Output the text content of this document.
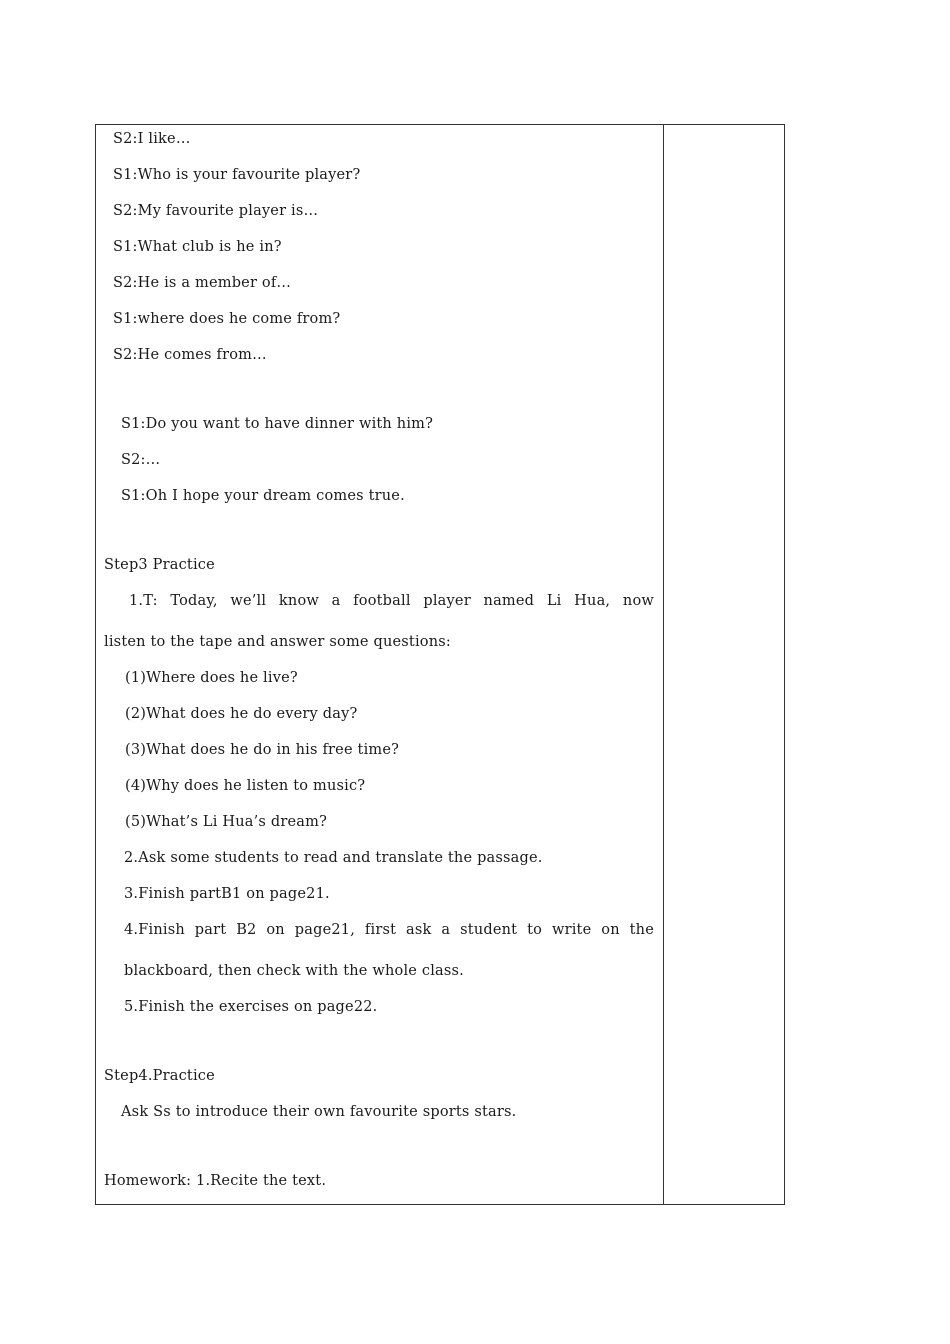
S2:I like…
S1:Who is your favourite player?
S2:My favourite player is…
S1:What club is he in?
S2:He is a member of…
S1:where does he come from?
S2:He comes from…
S1:Do you want to have dinner with him?
S2:…
S1:Oh I hope your dream comes true.
Step3 Practice
1.T: Today, we’ll know a football player named Li Hua, now
listen to the tape and answer some questions:
(1)Where does he live?
(2)What does he do every day?
(3)What does he do in his free time?
(4)Why does he listen to music?
(5)What’s Li Hua’s dream?
2.Ask some students to read and translate the passage.
3.Finish partB1 on page21.
4.Finish part B2 on page21, first ask a student to write on the
blackboard, then check with the whole class.
5.Finish the exercises on page22.
Step4.Practice
Ask Ss to introduce their own favourite sports stars.
Homework: 1.Recite the text.
